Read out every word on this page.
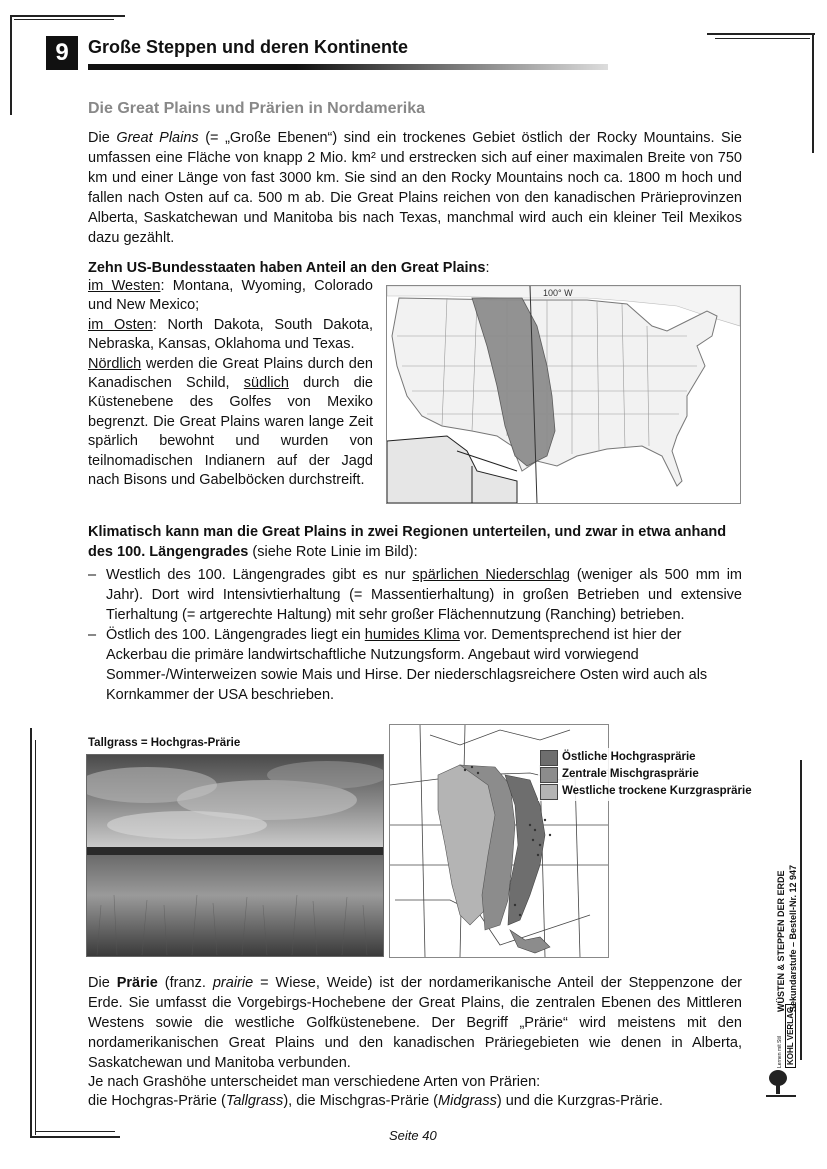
9	Große Steppen und deren Kontinente
Die Great Plains und Prärien in Nordamerika
Die Great Plains (= „Große Ebenen“) sind ein trockenes Gebiet östlich der Rocky Mountains. Sie umfassen eine Fläche von knapp 2 Mio. km² und erstrecken sich auf einer maximalen Breite von 750 km und einer Länge von fast 3000 km. Sie sind an den Rocky Mountains noch ca. 1800 m hoch und fallen nach Osten auf ca. 500 m ab. Die Great Plains reichen von den kanadischen Prärieprovinzen Alberta, Saskatchewan und Manitoba bis nach Texas, manchmal wird auch ein kleiner Teil Mexikos dazu gezählt.
Zehn US-Bundesstaaten haben Anteil an den Great Plains:
im Westen: Montana, Wyoming, Colorado und New Mexico;
im Osten: North Dakota, South Dakota, Nebraska, Kansas, Oklahoma und Texas.
Nördlich werden die Great Plains durch den Kanadischen Schild, südlich durch die Küstenebene des Golfes von Mexiko begrenzt. Die Great Plains waren lange Zeit spärlich bewohnt und wurden von teilnomadischen Indianern auf der Jagd nach Bisons und Gabelböcken durchstreift.
100° W
Klimatisch kann man die Great Plains in zwei Regionen unterteilen, und zwar in etwa anhand des 100. Längengrades (siehe Rote Linie im Bild):
– Westlich des 100. Längengrades gibt es nur spärlichen Niederschlag (weniger als 500 mm im Jahr). Dort wird Intensivtierhaltung (= Massentierhaltung) in großen Betrieben und extensive Tierhaltung (= artgerechte Haltung) mit sehr großer Flächennutzung (Ranching) betrieben.
– Östlich des 100. Längengrades liegt ein humides Klima vor. Dementsprechend ist hier der Ackerbau die primäre landwirtschaftliche Nutzungsform. Angebaut wird vorwiegend Sommer-/Winterweizen sowie Mais und Hirse. Der niederschlagsreichere Osten wird auch als Kornkammer der USA beschrieben.
Tallgrass = Hochgras-Prärie
Östliche Hochgrasprärie
Zentrale Mischgrasprärie
Westliche trockene Kurzgrasprärie
Die Prärie (franz. prairie = Wiese, Weide) ist der nordamerikanische Anteil der Steppenzone der Erde. Sie umfasst die Vorgebirgs-Hochebene der Great Plains, die zentralen Ebenen des Mittleren Westens sowie die westliche Golfküstenebene. Der Begriff „Prärie“ wird meistens mit den nordamerikanischen Great Plains und den kanadischen Präriegebieten wie denen in Alberta, Saskatchewan und Manitoba verbunden.
Je nach Grashöhe unterscheidet man verschiedene Arten von Prärien:
die Hochgras-Prärie (Tallgrass), die Mischgras-Prärie (Midgrass) und die Kurzgras-Prärie.
WÜSTEN & STEPPEN DER ERDE Sekundarstufe – Bestell-Nr. 12 947
Lernen mit Stil KOHL VERLAG
Seite 40
